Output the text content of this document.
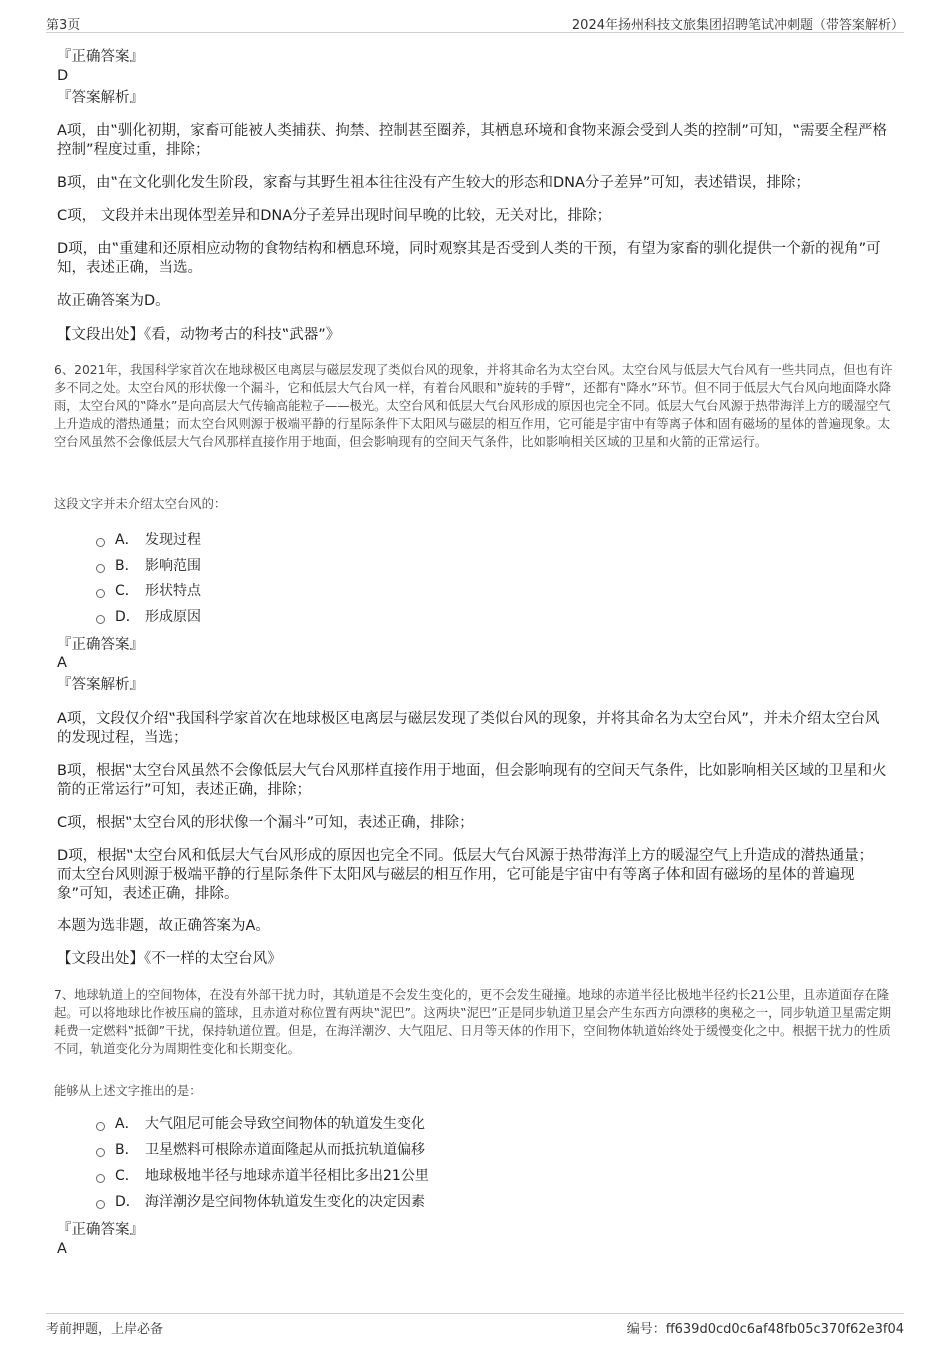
第3页	2024年扬州科技文旅集团招聘笔试冲刺题（带答案解析）
『正确答案』
D
『答案解析』
A项，由‟驯化初期，家畜可能被人类捕获、拘禁、控制甚至圈养，其栖息环境和食物来源会受到人类的控制”可知，‟需要全程严格控制”程度过重，排除；
B项，由‟在文化驯化发生阶段，家畜与其野生祖本往往没有产生较大的形态和DNA分子差异”可知，表述错误，排除；
C项， 文段并未出现体型差异和DNA分子差异出现时间早晚的比较，无关对比，排除；
D项，由‟重建和还原相应动物的食物结构和栖息环境，同时观察其是否受到人类的干预，有望为家畜的驯化提供一个新的视角”可知，表述正确，当选。
故正确答案为D。
【文段出处】《看，动物考古的科技‟武器”》
6、2021年，我国科学家首次在地球极区电离层与磁层发现了类似台风的现象，并将其命名为太空台风。太空台风与低层大气台风有一些共同点，但也有许多不同之处。太空台风的形状像一个漏斗，它和低层大气台风一样，有着台风眼和‟旋转的手臂”，还都有‟降水”环节。但不同于低层大气台风向地面降水降雨，太空台风的‟降水”是向高层大气传输高能粒子——极光。太空台风和低层大气台风形成的原因也完全不同。低层大气台风源于热带海洋上方的暖湿空气上升造成的潜热通量；而太空台风则源于极端平静的行星际条件下太阳风与磁层的相互作用，它可能是宇宙中有等离子体和固有磁场的星体的普遍现象。太空台风虽然不会像低层大气台风那样直接作用于地面，但会影响现有的空间天气条件，比如影响相关区域的卫星和火箭的正常运行。
这段文字并未介绍太空台风的：
A． 发现过程
B． 影响范围
C． 形状特点
D． 形成原因
『正确答案』
A
『答案解析』
A项，文段仅介绍‟我国科学家首次在地球极区电离层与磁层发现了类似台风的现象，并将其命名为太空台风”，并未介绍太空台风的发现过程，当选；
B项，根据‟太空台风虽然不会像低层大气台风那样直接作用于地面，但会影响现有的空间天气条件，比如影响相关区域的卫星和火箭的正常运行”可知，表述正确，排除；
C项，根据‟太空台风的形状像一个漏斗”可知，表述正确，排除；
D项，根据‟太空台风和低层大气台风形成的原因也完全不同。低层大气台风源于热带海洋上方的暖湿空气上升造成的潜热通量；而太空台风则源于极端平静的行星际条件下太阳风与磁层的相互作用，它可能是宇宙中有等离子体和固有磁场的星体的普遍现象”可知，表述正确，排除。
本题为选非题，故正确答案为A。
【文段出处】《不一样的太空台风》
7、地球轨道上的空间物体，在没有外部干扰力时，其轨道是不会发生变化的，更不会发生碰撞。地球的赤道半径比极地半径约长21公里，且赤道面存在隆起。可以将地球比作被压扁的篮球，且赤道对称位置有两块‟泥巴”。这两块‟泥巴”正是同步轨道卫星会产生东西方向漂移的奥秘之一，同步轨道卫星需定期耗费一定燃料‟抵御”干扰，保持轨道位置。但是，在海洋潮汐、大气阻尼、日月等天体的作用下，空间物体轨道始终处于缓慢变化之中。根据干扰力的性质不同，轨道变化分为周期性变化和长期变化。
能够从上述文字推出的是：
A． 大气阻尼可能会导致空间物体的轨道发生变化
B． 卫星燃料可根除赤道面隆起从而抵抗轨道偏移
C． 地球极地半径与地球赤道半径相比多出21公里
D． 海洋潮汐是空间物体轨道发生变化的决定因素
『正确答案』
A
考前押题，上岸必备	编号：ff639d0cd0c6af48fb05c370f62e3f04
